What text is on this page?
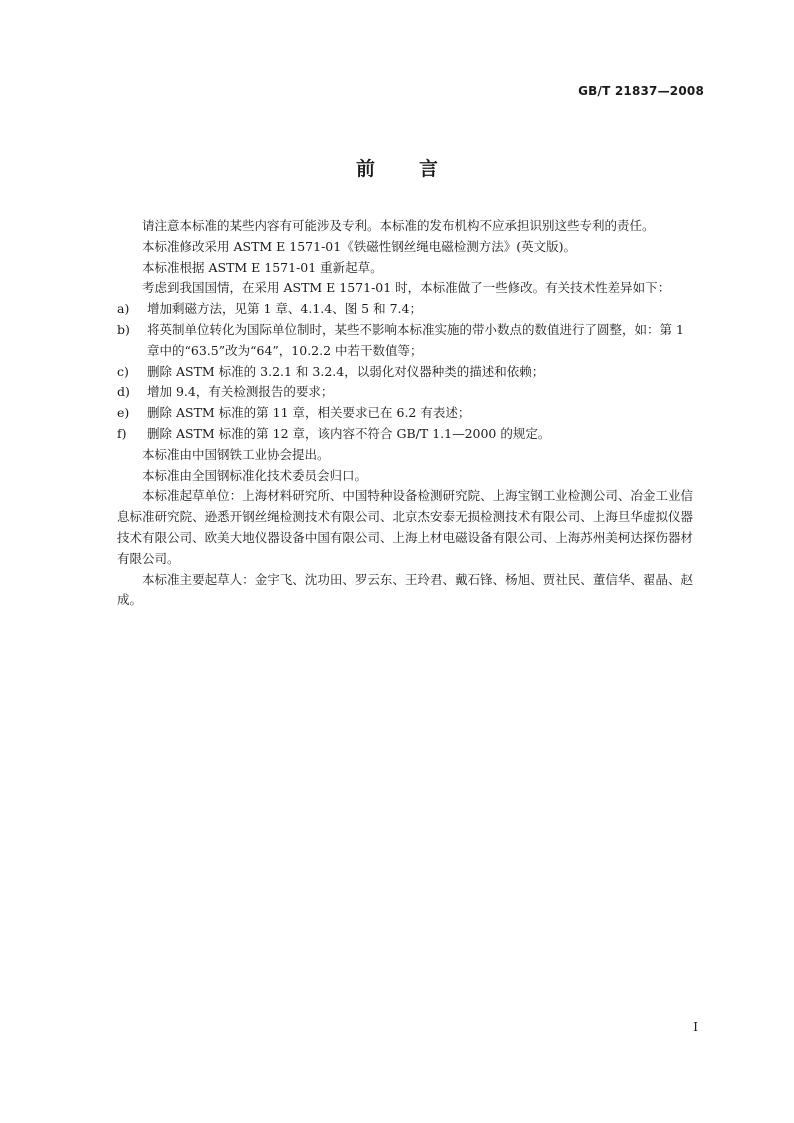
GB/T 21837—2008
前言

请注意本标准的某些内容有可能涉及专利。本标准的发布机构不应承担识别这些专利的责任。

本标准修改采用 ASTM E 1571-01《铁磁性钢丝绳电磁检测方法》(英文版)。

本标准根据 ASTM E 1571-01 重新起草。

考虑到我国国情，在采用 ASTM E 1571-01 时，本标准做了一些修改。有关技术性差异如下：

a)	增加剩磁方法，见第 1 章、4.1.4、图 5 和 7.4；
b)	将英制单位转化为国际单位制时，某些不影响本标准实施的带小数点的数值进行了圆整，如：第 1 章中的“63.5”改为“64”，10.2.2 中若干数值等；
c)	删除 ASTM 标准的 3.2.1 和 3.2.4，以弱化对仪器种类的描述和依赖；
d)	增加 9.4，有关检测报告的要求；
e)	删除 ASTM 标准的第 11 章，相关要求已在 6.2 有表述；
f)	删除 ASTM 标准的第 12 章，该内容不符合 GB/T 1.1—2000 的规定。

本标准由中国钢铁工业协会提出。

本标准由全国钢标准化技术委员会归口。

本标准起草单位：上海材料研究所、中国特种设备检测研究院、上海宝钢工业检测公司、冶金工业信息标准研究院、逊悉开钢丝绳检测技术有限公司、北京杰安泰无损检测技术有限公司、上海旦华虚拟仪器技术有限公司、欧美大地仪器设备中国有限公司、上海上材电磁设备有限公司、上海苏州美柯达探伤器材有限公司。

本标准主要起草人：金宇飞、沈功田、罗云东、王玲君、戴石锋、杨旭、贾社民、董信华、翟晶、赵成。

I
